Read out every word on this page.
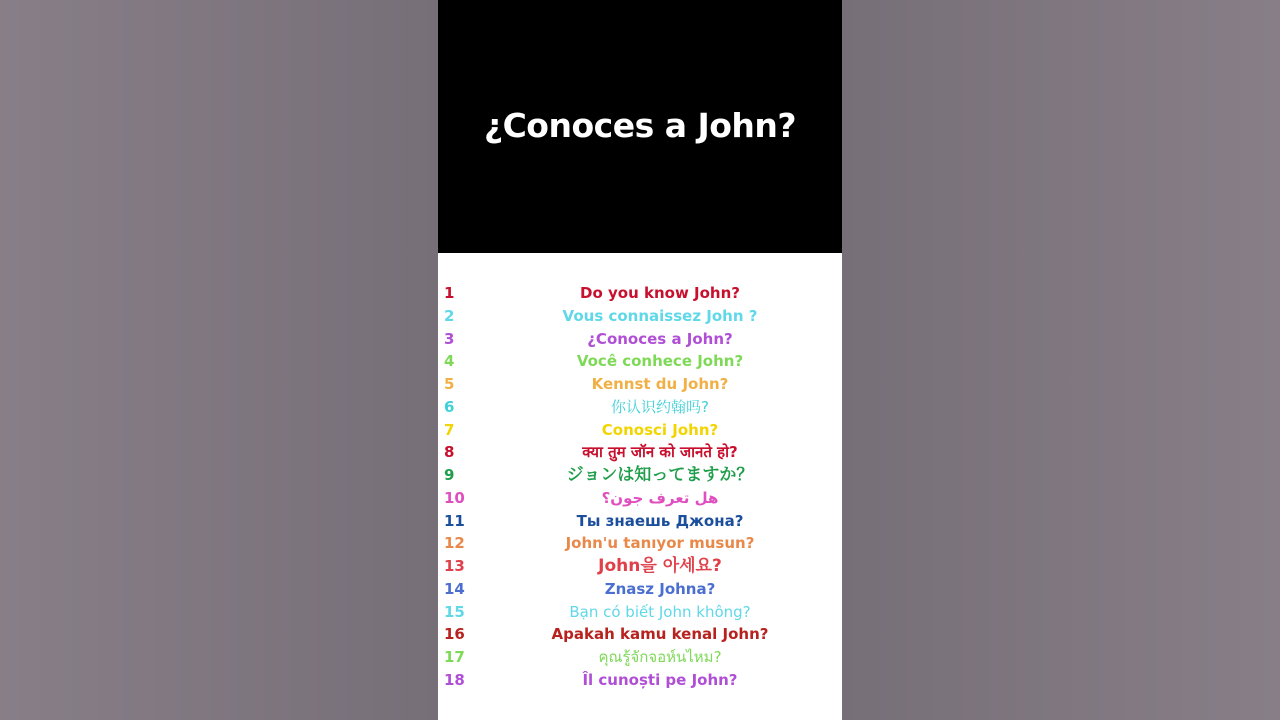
¿Conoces a John?
1	Do you know John?
2	Vous connaissez John ?
3	¿Conoces a John?
4	Você conhece John?
5	Kennst du John?
6	你认识约翰吗?
7	Conosci John?
8	क्या तुम जॉन को जानते हो?
9	ジョンは知ってますか？
10	هل تعرف جون؟
11	Ты знаешь Джона?
12	John'u tanıyor musun?
13	John을 아세요?
14	Znasz Johna?
15	Bạn có biết John không?
16	Apakah kamu kenal John?
17	คุณรู้จักจอห์นไหม?
18	Îl cunoști pe John?
